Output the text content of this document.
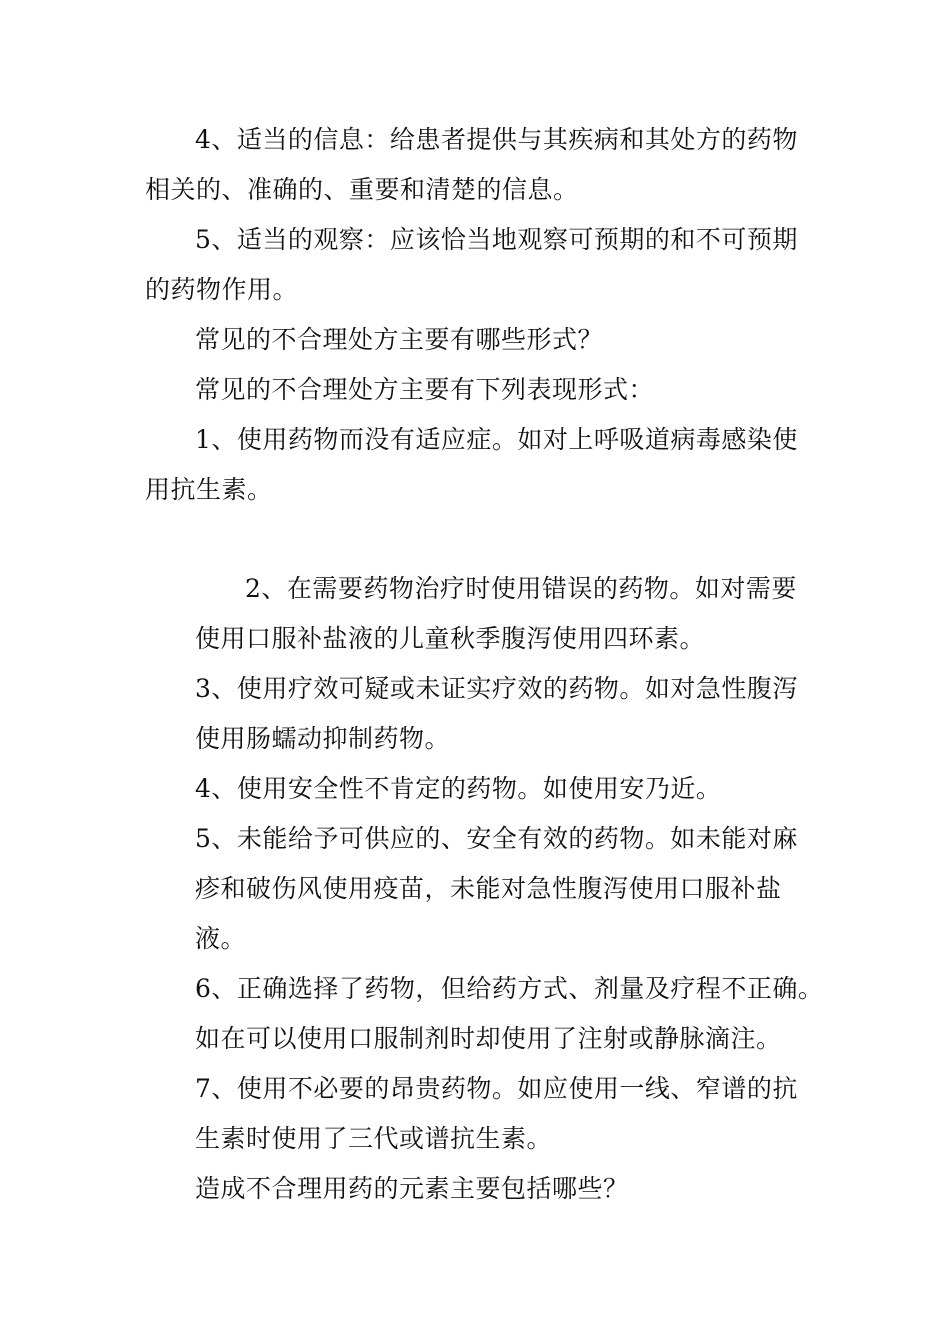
4、适当的信息：给患者提供与其疾病和其处方的药物
相关的、准确的、重要和清楚的信息。
5、适当的观察：应该恰当地观察可预期的和不可预期
的药物作用。
常见的不合理处方主要有哪些形式？
常见的不合理处方主要有下列表现形式：
1、使用药物而没有适应症。如对上呼吸道病毒感染使
用抗生素。
2、在需要药物治疗时使用错误的药物。如对需要
使用口服补盐液的儿童秋季腹泻使用四环素。
3、使用疗效可疑或未证实疗效的药物。如对急性腹泻
使用肠蠕动抑制药物。
4、使用安全性不肯定的药物。如使用安乃近。
5、未能给予可供应的、安全有效的药物。如未能对麻
疹和破伤风使用疫苗，未能对急性腹泻使用口服补盐
液。
6、正确选择了药物，但给药方式、剂量及疗程不正确。
如在可以使用口服制剂时却使用了注射或静脉滴注。
7、使用不必要的昂贵药物。如应使用一线、窄谱的抗
生素时使用了三代或谱抗生素。
造成不合理用药的元素主要包括哪些？
